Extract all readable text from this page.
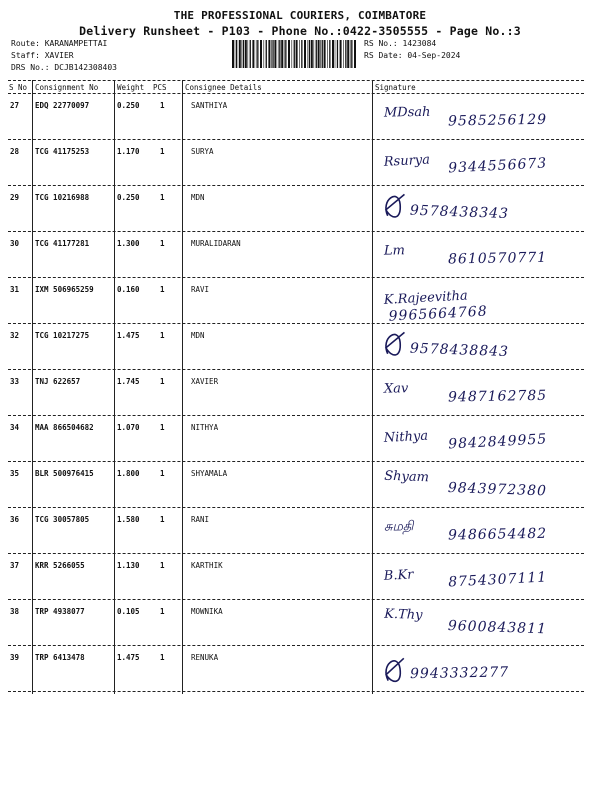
THE PROFESSIONAL COURIERS, COIMBATORE
Delivery Runsheet - P103 - Phone No.:0422-3505555 - Page No.:3
Route: KARANAMPETTAI
Staff: XAVIER
DRS No.: DCJB142308403
RS No.: 1423084
RS Date: 04-Sep-2024
S No Consignment No	Weight PCS Consignee Details	Signature
27 EDQ 22770097	0.250	1	SANTHIYA	MDsah 9585256129
28 TCG 41175253	1.170	1	SURYA
Rsurya 9344556673
29 TCG 10216988	0.250	1	MDN
9578438343
30 TCG 41177281	1.300	1	MURALIDARAN	Lm	8610570771
31 IXM 506965259	0.160	1	RAVI	K.Rajeevitha
9965664768
32 TCG 10217275	1.475	1	MDN
9578438843
33 TNJ 622657	1.745	1	XAVIER	Xav	9487162785
34 MAA 866504682	1.070	1	NITHYA
Nithya 9842849955
35 BLR 500976415	1.800	1	SHYAMALA	Shyam
9843972380
36 TCG 30057805	1.580	1	RANI	சுமதி 9486654482
37 KRR 5266055	1.130	1	KARTHIK
B.Kr 8754307111
38 TRP 4938077	0.105	1	MOWNIKA	K.Thy
9600843811
39 TRP 6413478	1.475	1	RENUKA
9943332277
